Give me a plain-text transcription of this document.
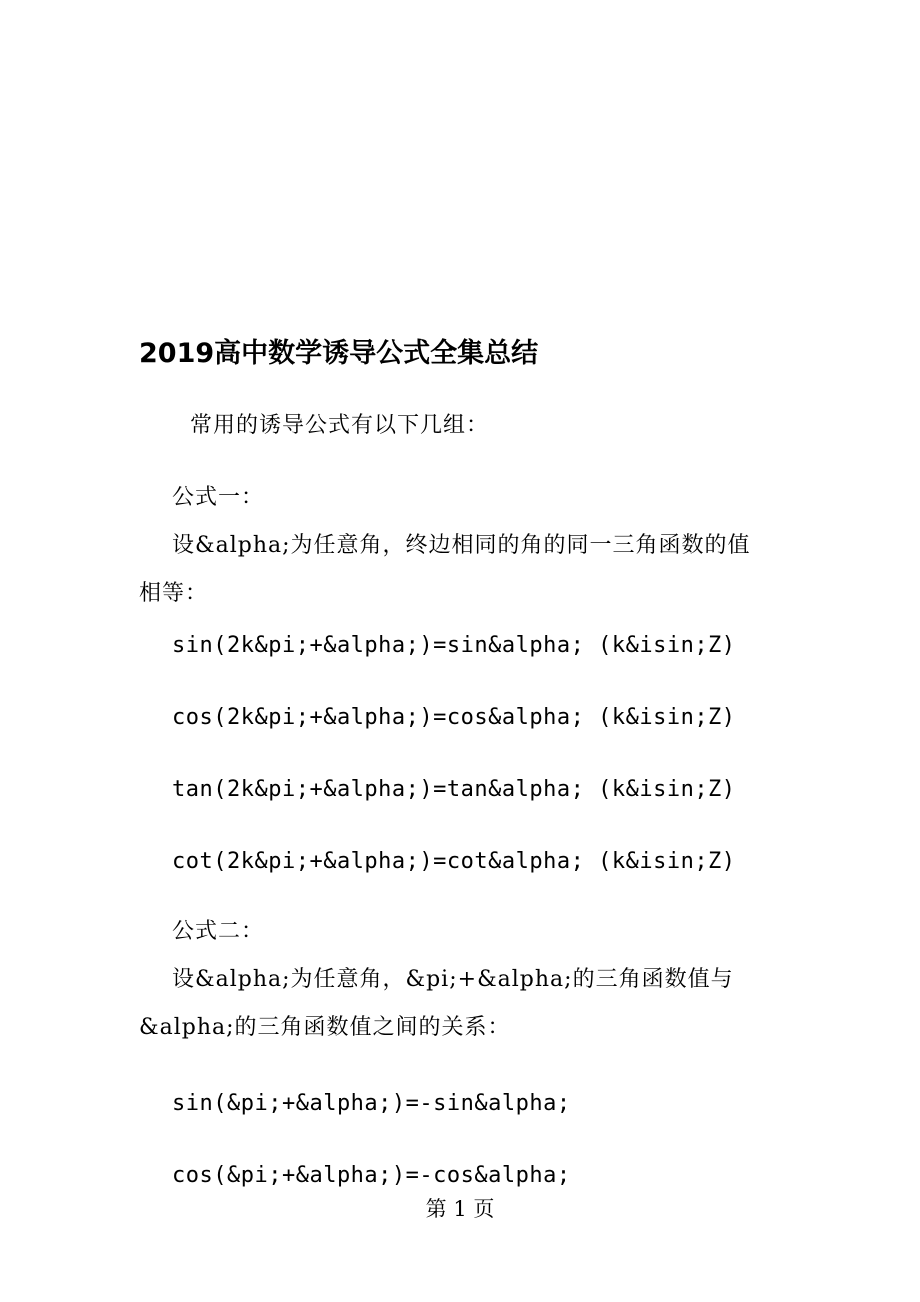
2019高中数学诱导公式全集总结
常用的诱导公式有以下几组：
公式一：
设&alpha;为任意角，终边相同的角的同一三角函数的值
相等：
sin(2k&pi;+&alpha;)=sin&alpha; (k&isin;Z)
cos(2k&pi;+&alpha;)=cos&alpha; (k&isin;Z)
tan(2k&pi;+&alpha;)=tan&alpha; (k&isin;Z)
cot(2k&pi;+&alpha;)=cot&alpha; (k&isin;Z)
公式二：
设&alpha;为任意角，&pi;+&alpha;的三角函数值与
&alpha;的三角函数值之间的关系：
sin(&pi;+&alpha;)=-sin&alpha;
cos(&pi;+&alpha;)=-cos&alpha;
第 1 页
